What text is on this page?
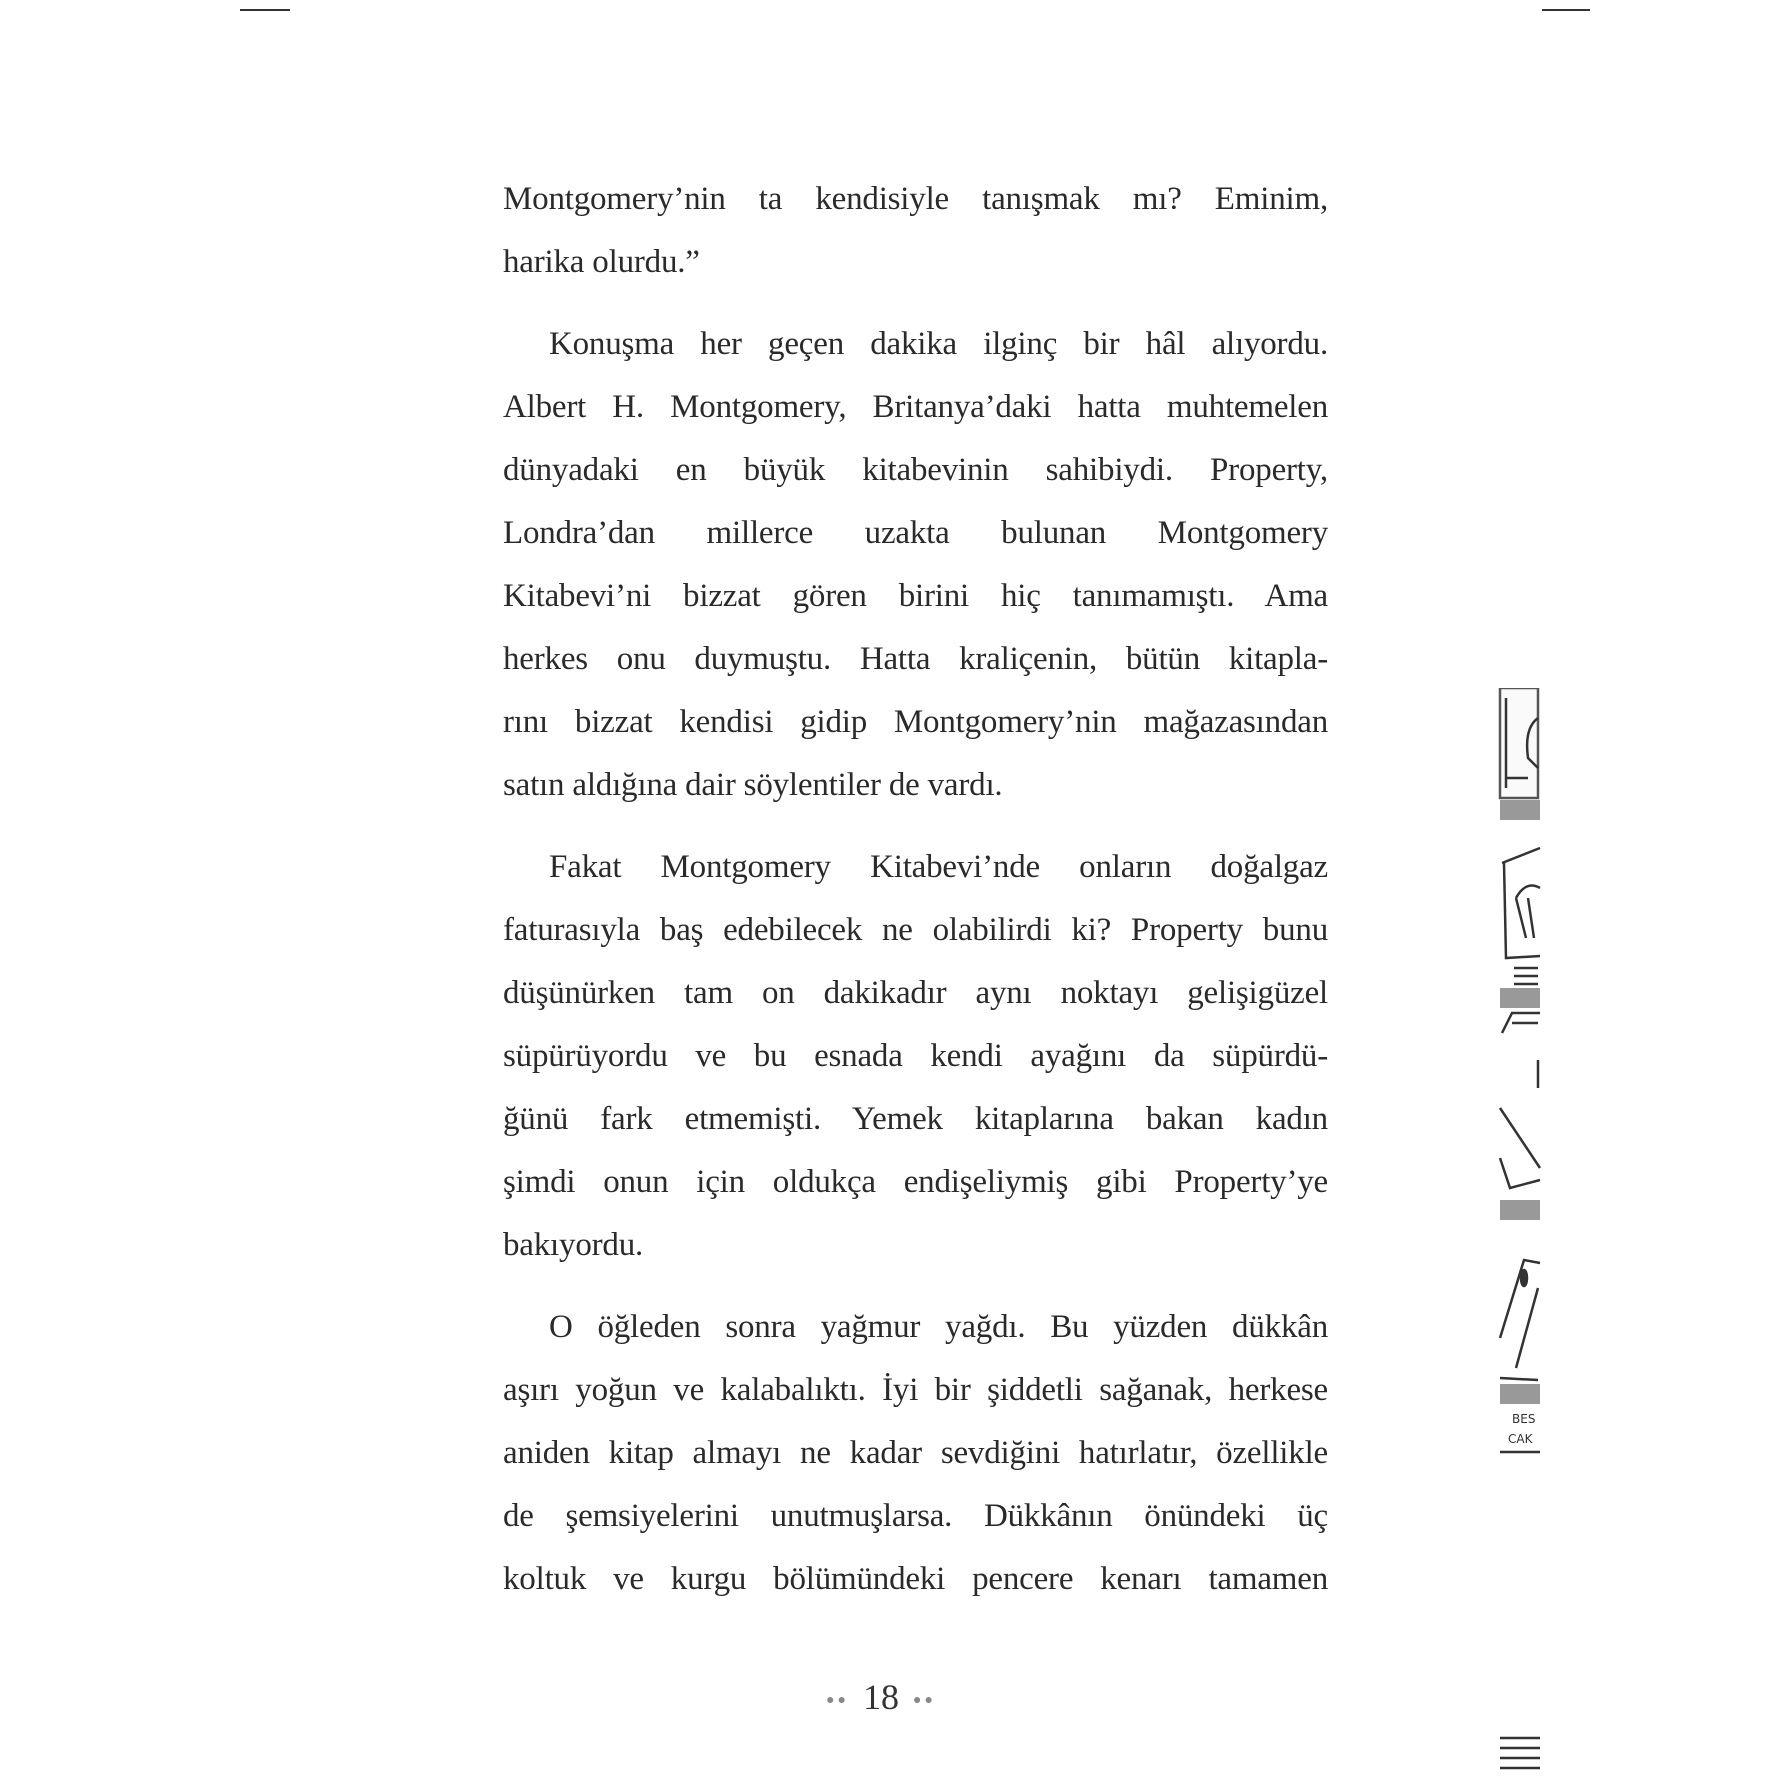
Montgomery’nin ta kendisiyle tanışmak mı? Eminim,
harika olurdu.”
Konuşma her geçen dakika ilginç bir hâl alıyordu.
Albert H. Montgomery, Britanya’daki hatta muhtemelen
dünyadaki en büyük kitabevinin sahibiydi. Property,
Londra’dan millerce uzakta bulunan Montgomery
Kitabevi’ni bizzat gören birini hiç tanımamıştı. Ama
herkes onu duymuştu. Hatta kraliçenin, bütün kitapla-
rını bizzat kendisi gidip Montgomery’nin mağazasından
satın aldığına dair söylentiler de vardı.
Fakat Montgomery Kitabevi’nde onların doğalgaz
faturasıyla baş edebilecek ne olabilirdi ki? Property bunu
düşünürken tam on dakikadır aynı noktayı gelişigüzel
süpürüyordu ve bu esnada kendi ayağını da süpürdü-
ğünü fark etmemişti. Yemek kitaplarına bakan kadın
şimdi onun için oldukça endişeliymiş gibi Property’ye
bakıyordu.
O öğleden sonra yağmur yağdı. Bu yüzden dükkân
aşırı yoğun ve kalabalıktı. İyi bir şiddetli sağanak, herkese
aniden kitap almayı ne kadar sevdiğini hatırlatır, özellikle
de şemsiyelerini unutmuşlarsa. Dükkânın önündeki üç
koltuk ve kurgu bölümündeki pencere kenarı tamamen
●● 18 ●●
BES
CAK
